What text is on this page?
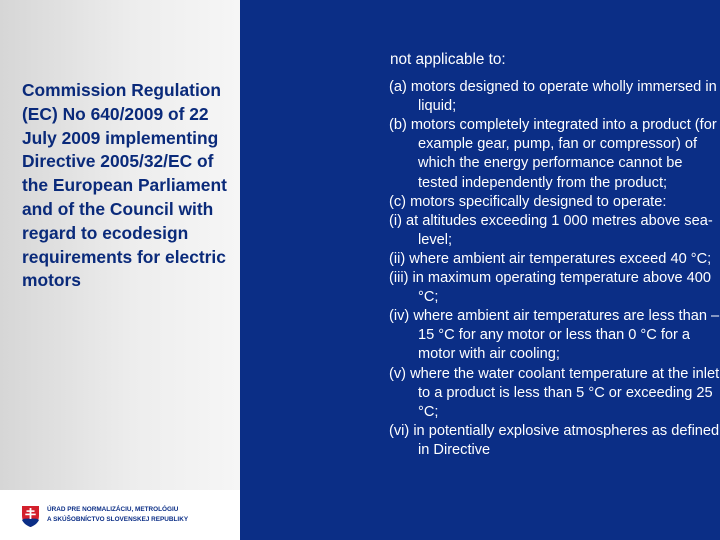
Commission Regulation (EC) No 640/2009 of 22 July 2009 implementing Directive 2005/32/EC of the European Parliament and of the Council with regard to ecodesign requirements for electric motors

not applicable to:

(a) motors designed to operate wholly immersed in liquid;
(b) motors completely integrated into a product (for example gear, pump, fan or compressor) of which the energy performance cannot be tested independently from the product;
(c) motors specifically designed to operate:
(i) at altitudes exceeding 1 000 metres above sea-level;
(ii) where ambient air temperatures exceed 40 °C;
(iii) in maximum operating temperature above 400 °C;
(iv) where ambient air temperatures are less than – 15 °C for any motor or less than 0 °C for a motor with air cooling;
(v) where the water coolant temperature at the inlet to a product is less than 5 °C or exceeding 25 °C;
(vi) in potentially explosive atmospheres as defined in Directive
ÚRAD PRE NORMALIZÁCIU, METROLÓGIU
A SKÚŠOBNÍCTVO SLOVENSKEJ REPUBLIKY
